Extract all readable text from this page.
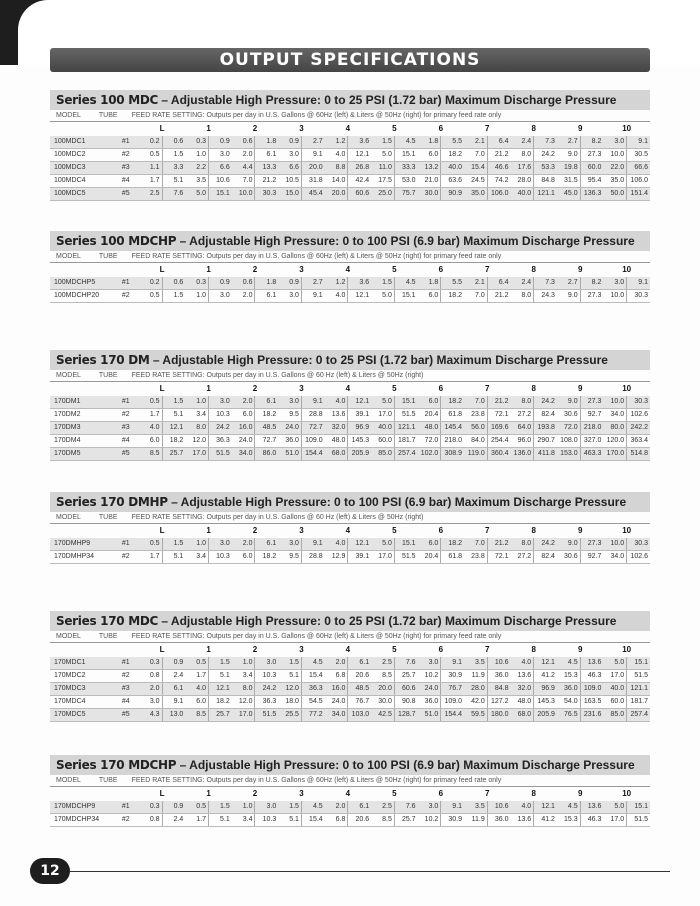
OUTPUT SPECIFICATIONS
Series 100 MDC – Adjustable High Pressure: 0 to 25 PSI (1.72 bar) Maximum Discharge Pressure
MODEL	TUBE FEED RATE SETTING: Outputs per day in U.S. Gallons @ 60Hz (left) & Liters @ 50Hz (right) for primary feed rate only
		L		1		2		3		4		5		6		7		8		9		10	
100MDC1	#1	0.2	0.6	0.3	0.9	0.6	1.8	0.9	2.7	1.2	3.6	1.5	4.5	1.8	5.5	2.1	6.4	2.4	7.3	2.7	8.2	3.0	9.1
100MDC2	#2	0.5	1.5	1.0	3.0	2.0	6.1	3.0	9.1	4.0	12.1	5.0	15.1	6.0	18.2	7.0	21.2	8.0	24.2	9.0	27.3	10.0	30.5
100MDC3	#3	1.1	3.3	2.2	6.6	4.4	13.3	6.6	20.0	8.8	26.8	11.0	33.3	13.2	40.0	15.4	46.6	17.6	53.3	19.8	60.0	22.0	66.6
100MDC4	#4	1.7	5.1	3.5	10.6	7.0	21.2	10.5	31.8	14.0	42.4	17.5	53.0	21.0	63.6	24.5	74.2	28.0	84.8	31.5	95.4	35.0	106.0
100MDC5	#5	2.5	7.6	5.0	15.1	10.0	30.3	15.0	45.4	20.0	60.6	25.0	75.7	30.0	90.9	35.0	106.0	40.0	121.1	45.0	136.3	50.0	151.4
Series 100 MDCHP – Adjustable High Pressure: 0 to 100 PSI (6.9 bar) Maximum Discharge Pressure
MODEL	TUBE FEED RATE SETTING: Outputs per day in U.S. Gallons @ 60Hz (left) & Liters @ 50Hz (right) for primary feed rate only
		L		1		2		3		4		5		6		7		8		9		10	
100MDCHP5	#1	0.2	0.6	0.3	0.9	0.6	1.8	0.9	2.7	1.2	3.6	1.5	4.5	1.8	5.5	2.1	6.4	2.4	7.3	2.7	8.2	3.0	9.1
100MDCHP20	#2	0.5	1.5	1.0	3.0	2.0	6.1	3.0	9.1	4.0	12.1	5.0	15.1	6.0	18.2	7.0	21.2	8.0	24.3	9.0	27.3	10.0	30.3
Series 170 DM – Adjustable High Pressure: 0 to 25 PSI (1.72 bar) Maximum Discharge Pressure
MODEL	TUBE FEED RATE SETTING: Outputs per day in U.S. Gallons @ 60 Hz (left) & Liters @ 50Hz (right)
		L		1		2		3		4		5		6		7		8		9		10	
170DM1	#1	0.5	1.5	1.0	3.0	2.0	6.1	3.0	9.1	4.0	12.1	5.0	15.1	6.0	18.2	7.0	21.2	8.0	24.2	9.0	27.3	10.0	30.3
170DM2	#2	1.7	5.1	3.4	10.3	6.0	18.2	9.5	28.8	13.6	39.1	17.0	51.5	20.4	61.8	23.8	72.1	27.2	82.4	30.6	92.7	34.0	102.6
170DM3	#3	4.0	12.1	8.0	24.2	16.0	48.5	24.0	72.7	32.0	96.9	40.0	121.1	48.0	145.4	56.0	169.6	64.0	193.8	72.0	218.0	80.0	242.2
170DM4	#4	6.0	18.2	12.0	36.3	24.0	72.7	36.0	109.0	48.0	145.3	60.0	181.7	72.0	218.0	84.0	254.4	96.0	290.7	108.0	327.0	120.0	363.4
170DM5	#5	8.5	25.7	17.0	51.5	34.0	86.0	51.0	154.4	68.0	205.9	85.0	257.4	102.0	308.9	119.0	360.4	136.0	411.8	153.0	463.3	170.0	514.8
Series 170 DMHP – Adjustable High Pressure: 0 to 100 PSI (6.9 bar) Maximum Discharge Pressure
MODEL	TUBE FEED RATE SETTING: Outputs per day in U.S. Gallons @ 60 Hz (left) & Liters @ 50Hz (right)
		L		1		2		3		4		5		6		7		8		9		10	
170DMHP9	#1	0.5	1.5	1.0	3.0	2.0	6.1	3.0	9.1	4.0	12.1	5.0	15.1	6.0	18.2	7.0	21.2	8.0	24.2	9.0	27.3	10.0	30.3
170DMHP34	#2	1.7	5.1	3.4	10.3	6.0	18.2	9.5	28.8	12.9	39.1	17.0	51.5	20.4	61.8	23.8	72.1	27.2	82.4	30.6	92.7	34.0	102.6
Series 170 MDC – Adjustable High Pressure: 0 to 25 PSI (1.72 bar) Maximum Discharge Pressure
MODEL	TUBE FEED RATE SETTING: Outputs per day in U.S. Gallons @ 60Hz (left) & Liters @ 50Hz (right) for primary feed rate only
		L		1		2		3		4		5		6		7		8		9		10	
170MDC1	#1	0.3	0.9	0.5	1.5	1.0	3.0	1.5	4.5	2.0	6.1	2.5	7.6	3.0	9.1	3.5	10.6	4.0	12.1	4.5	13.6	5.0	15.1
170MDC2	#2	0.8	2.4	1.7	5.1	3.4	10.3	5.1	15.4	6.8	20.6	8.5	25.7	10.2	30.9	11.9	36.0	13.6	41.2	15.3	46.3	17.0	51.5
170MDC3	#3	2.0	6.1	4.0	12.1	8.0	24.2	12.0	36.3	16.0	48.5	20.0	60.6	24.0	76.7	28.0	84.8	32.0	96.9	36.0	109.0	40.0	121.1
170MDC4	#4	3.0	9.1	6.0	18.2	12.0	36.3	18.0	54.5	24.0	76.7	30.0	90.8	36.0	109.0	42.0	127.2	48.0	145.3	54.0	163.5	60.0	181.7
170MDC5	#5	4.3	13.0	8.5	25.7	17.0	51.5	25.5	77.2	34.0	103.0	42.5	128.7	51.0	154.4	59.5	180.0	68.0	205.9	76.5	231.6	85.0	257.4
Series 170 MDCHP – Adjustable High Pressure: 0 to 100 PSI (6.9 bar) Maximum Discharge Pressure
MODEL	TUBE FEED RATE SETTING: Outputs per day in U.S. Gallons @ 60Hz (left) & Liters @ 50Hz (right) for primary feed rate only
		L		1		2		3		4		5		6		7		8		9		10	
170MDCHP9	#1	0.3	0.9	0.5	1.5	1.0	3.0	1.5	4.5	2.0	6.1	2.5	7.6	3.0	9.1	3.5	10.6	4.0	12.1	4.5	13.6	5.0	15.1
170MDCHP34	#2	0.8	2.4	1.7	5.1	3.4	10.3	5.1	15.4	6.8	20.6	8.5	25.7	10.2	30.9	11.9	36.0	13.6	41.2	15.3	46.3	17.0	51.5
12
